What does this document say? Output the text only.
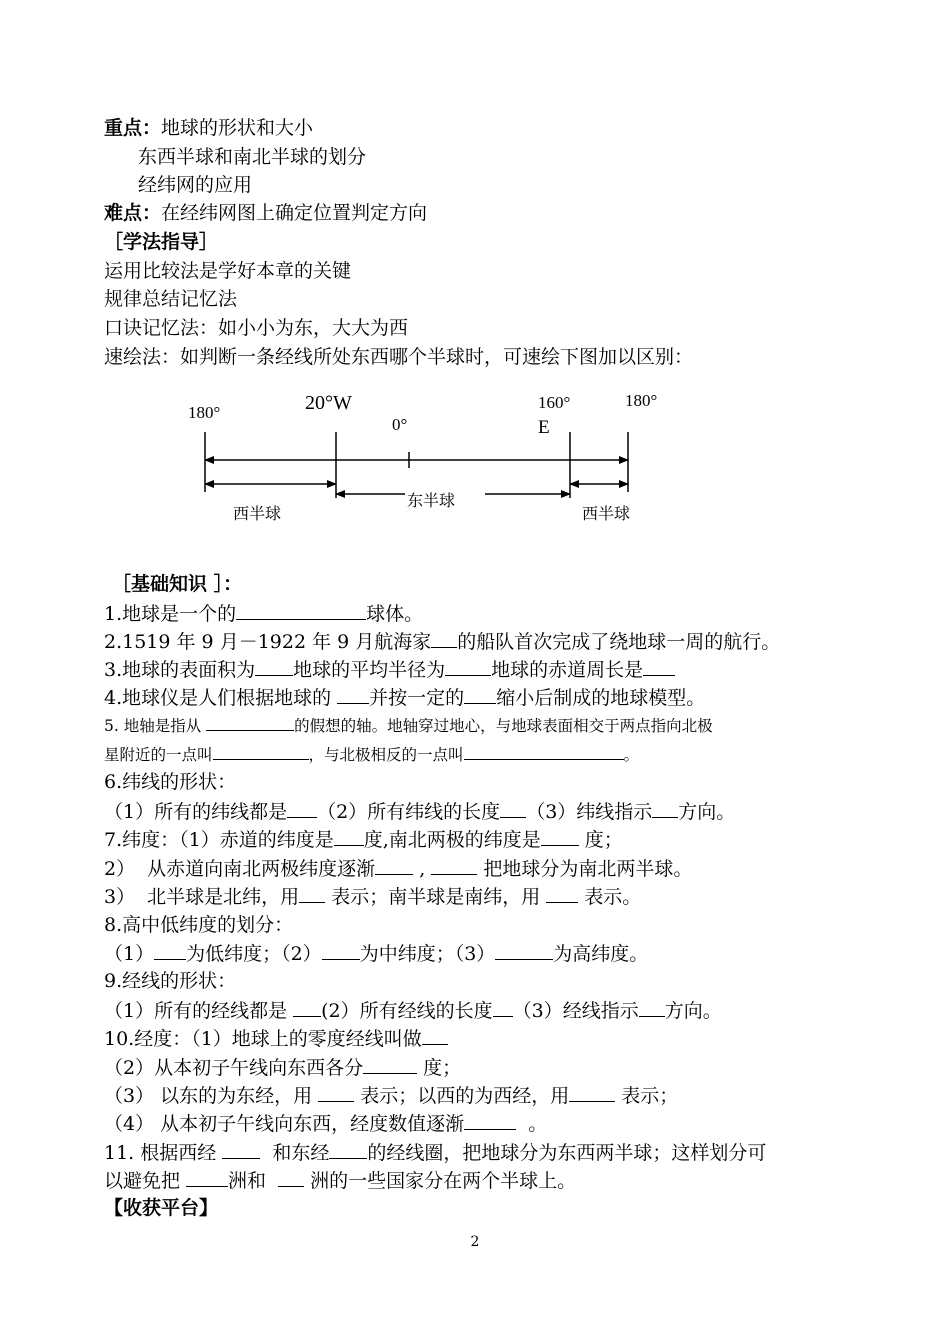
重点：地球的形状和大小
东西半球和南北半球的划分
经纬网的应用
难点：在经纬网图上确定位置判定方向
［学法指导］
运用比较法是学好本章的关键
规律总结记忆法
口诀记忆法：如小小为东，大大为西
速绘法：如判断一条经线所处东西哪个半球时，可速绘下图加以区别：
180°	20°W
0°
160°
E
180°
西半球
东半球
西半球
［基础知识 ］：
1.地球是一个的	球体。
2.1519 年 9 月－1922 年 9 月航海家 的船队首次完成了绕地球一周的航行。
3.地球的表面积为 地球的平均半径为 地球的赤道周长是
4.地球仪是人们根据地球的 并按一定的 缩小后制成的地球模型。
5. 地轴是指从	的假想的轴。地轴穿过地心，与地球表面相交于两点指向北极
星附近的一点叫	，与北极相反的一点叫	。
6.纬线的形状：
（1）所有的纬线都是 （2）所有纬线的长度 （3）纬线指示 方向。
7.纬度：（1）赤道的纬度是 度,南北两极的纬度是 度；
2）  从赤道向南北两极纬度逐渐 ,  把地球分为南北两半球。
3）  北半球是北纬，用 表示；南半球是南纬，用  表示。
8.高中低纬度的划分：
（1） 为低纬度；（2） 为中纬度；（3）	为高纬度。
9.经线的形状：
（1）所有的经线都是 (2）所有经线的长度 （3）经线指示 方向。
10.经度：（1）地球上的零度经线叫做
（2）从本初子午线向东西各分	度；
（3） 以东的为东经，用  表示；以西的为西经，用 表示；
（4） 从本初子午线向东西，经度数值逐渐	。
11. 根据西经   和东经 的经线圈，把地球分为东西两半球；这样划分可
以避免把 洲和   洲的一些国家分在两个半球上。
【收获平台】
2
